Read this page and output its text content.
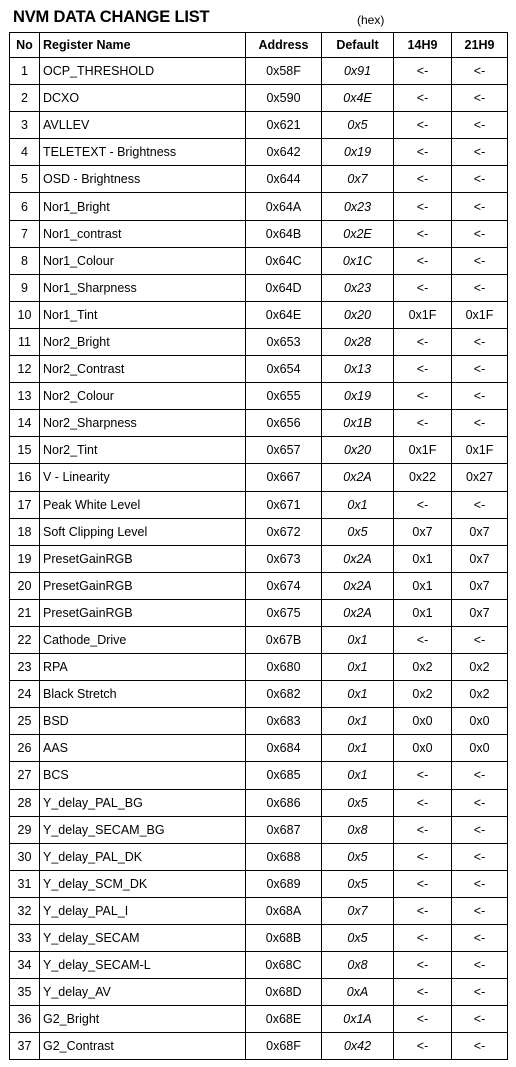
NVM DATA CHANGE LIST	(hex)
No	Register Name	Address	Default	14H9	21H9
1	OCP_THRESHOLD	0x58F	0x91	<-	<-
2	DCXO	0x590	0x4E	<-	<-
3	AVLLEV	0x621	0x5	<-	<-
4	TELETEXT - Brightness	0x642	0x19	<-	<-
5	OSD - Brightness	0x644	0x7	<-	<-
6	Nor1_Bright	0x64A	0x23	<-	<-
7	Nor1_contrast	0x64B	0x2E	<-	<-
8	Nor1_Colour	0x64C	0x1C	<-	<-
9	Nor1_Sharpness	0x64D	0x23	<-	<-
10	Nor1_Tint	0x64E	0x20	0x1F	0x1F
11	Nor2_Bright	0x653	0x28	<-	<-
12	Nor2_Contrast	0x654	0x13	<-	<-
13	Nor2_Colour	0x655	0x19	<-	<-
14	Nor2_Sharpness	0x656	0x1B	<-	<-
15	Nor2_Tint	0x657	0x20	0x1F	0x1F
16	V - Linearity	0x667	0x2A	0x22	0x27
17	Peak White Level	0x671	0x1	<-	<-
18	Soft Clipping Level	0x672	0x5	0x7	0x7
19	PresetGainRGB	0x673	0x2A	0x1	0x7
20	PresetGainRGB	0x674	0x2A	0x1	0x7
21	PresetGainRGB	0x675	0x2A	0x1	0x7
22	Cathode_Drive	0x67B	0x1	<-	<-
23	RPA	0x680	0x1	0x2	0x2
24	Black Stretch	0x682	0x1	0x2	0x2
25	BSD	0x683	0x1	0x0	0x0
26	AAS	0x684	0x1	0x0	0x0
27	BCS	0x685	0x1	<-	<-
28	Y_delay_PAL_BG	0x686	0x5	<-	<-
29	Y_delay_SECAM_BG	0x687	0x8	<-	<-
30	Y_delay_PAL_DK	0x688	0x5	<-	<-
31	Y_delay_SCM_DK	0x689	0x5	<-	<-
32	Y_delay_PAL_I	0x68A	0x7	<-	<-
33	Y_delay_SECAM	0x68B	0x5	<-	<-
34	Y_delay_SECAM-L	0x68C	0x8	<-	<-
35	Y_delay_AV	0x68D	0xA	<-	<-
36	G2_Bright	0x68E	0x1A	<-	<-
37	G2_Contrast	0x68F	0x42	<-	<-
